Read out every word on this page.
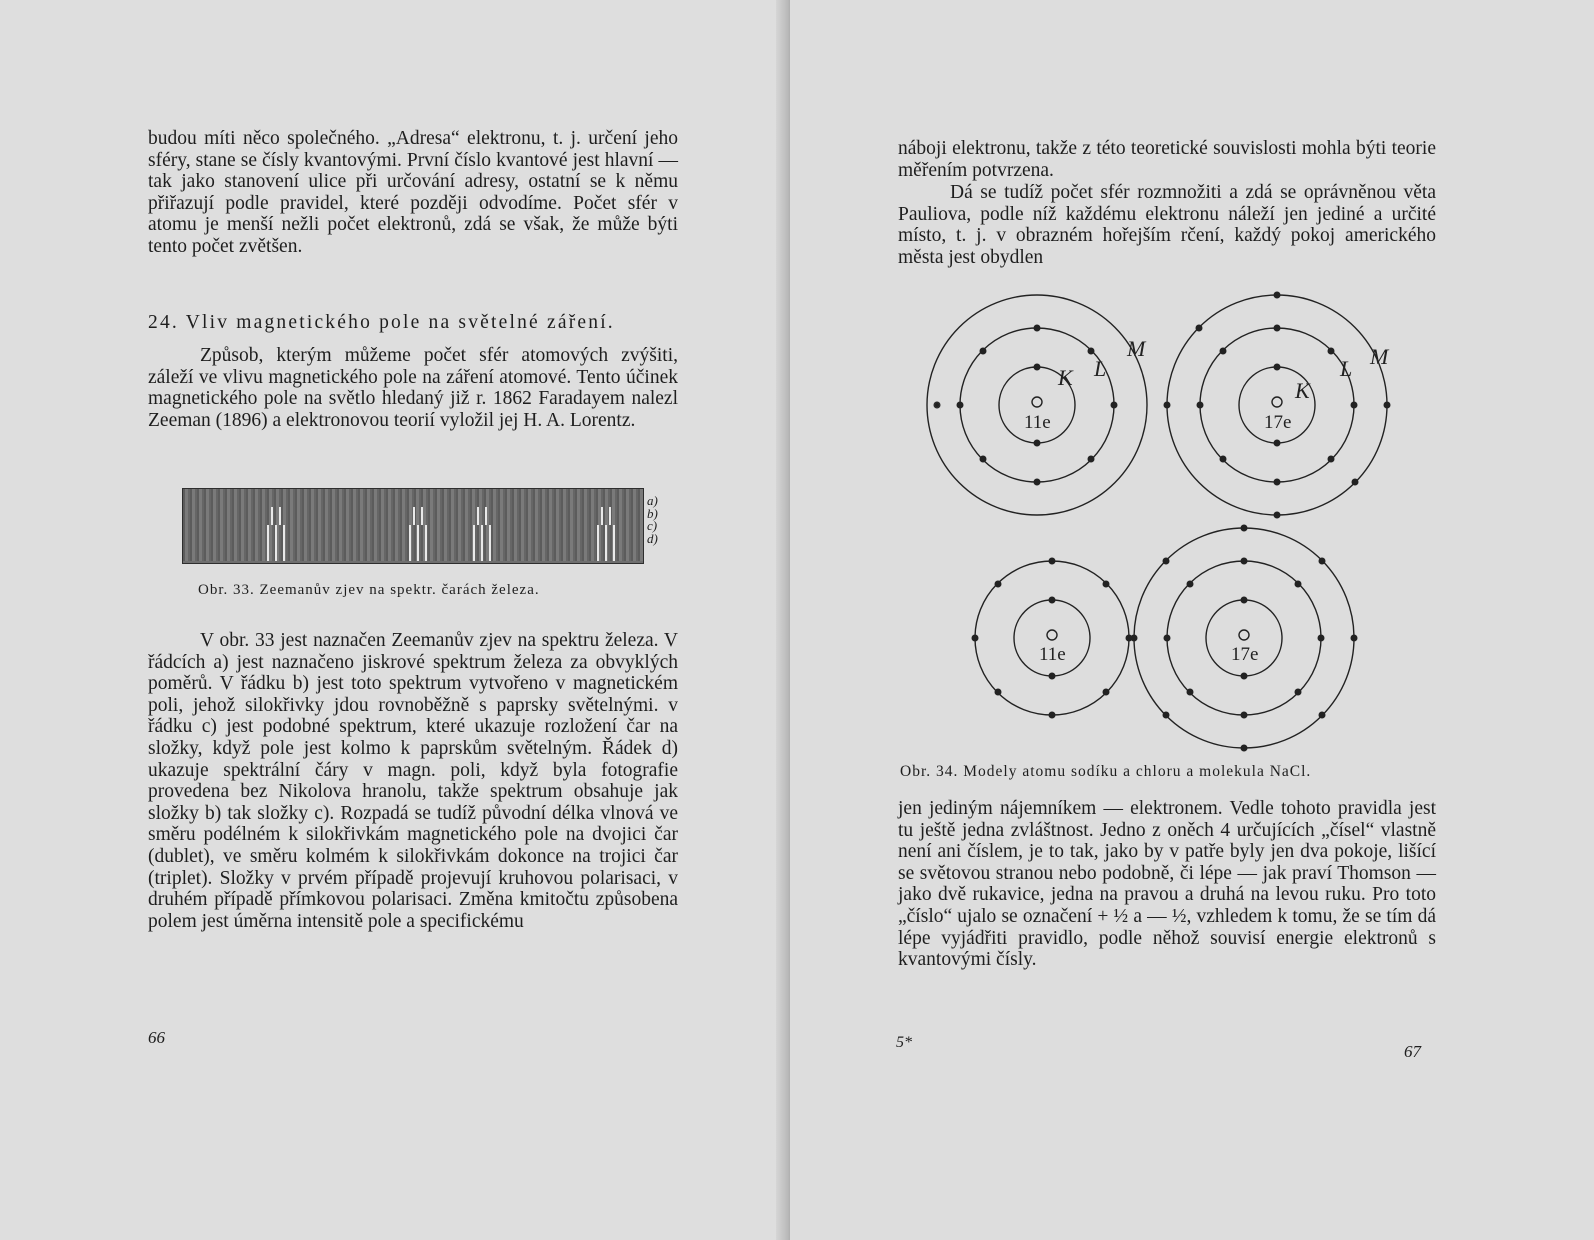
budou míti něco společného. „Adresa“ elektronu, t. j. určení jeho sféry, stane se čísly kvantovými. První číslo kvantové jest hlavní — tak jako stanovení ulice při určování adresy, ostatní se k němu přiřazují podle pravidel, které později odvodíme. Počet sfér v atomu je menší nežli počet elektronů, zdá se však, že může býti tento počet zvětšen.

24. Vliv magnetického pole na světelné záření.

Způsob, kterým můžeme počet sfér atomových zvýšiti, záleží ve vlivu magnetického pole na záření atomové. Tento účinek magnetického pole na světlo hledaný již r. 1862 Faradayem nalezl Zeeman (1896) a elektronovou teorií vyložil jej H. A. Lorentz.

a)
b)
c)
d)
Obr. 33. Zeemanův zjev na spektr. čarách železa.

V obr. 33 jest naznačen Zeemanův zjev na spektru železa. V řádcích a) jest naznačeno jiskrové spektrum železa za obvyklých poměrů. V řádku b) jest toto spektrum vytvořeno v magnetickém poli, jehož silokřivky jdou rovnoběžně s paprsky světelnými. v řádku c) jest podobné spektrum, které ukazuje rozložení čar na složky, když pole jest kolmo k paprskům světelným. Řádek d) ukazuje spektrální čáry v magn. poli, když byla fotografie provedena bez Nikolova hranolu, takže spektrum obsahuje jak složky b) tak složky c). Rozpadá se tudíž původní délka vlnová ve směru podélném k silokřivkám magnetického pole na dvojici čar (dublet), ve směru kolmém k silokřivkám dokonce na trojici čar (triplet). Složky v prvém případě projevují kruhovou polarisaci, v druhém případě přímkovou polarisaci. Změna kmitočtu způsobena polem jest úměrna intensitě pole a specifickému

66

náboji elektronu, takže z této teoretické souvislosti mohla býti teorie měřením potvrzena.

Dá se tudíž počet sfér rozmnožiti a zdá se oprávněnou věta Pauliova, podle níž každému elektronu náleží jen jediné a určité místo, t. j. v obrazném hořejším rčení, každý pokoj amerického města jest obydlen

11e	17e
11e	17e
K L
M
K
L M
Obr. 34. Modely atomu sodíku a chloru a molekula NaCl.

jen jediným nájemníkem — elektronem. Vedle tohoto pravidla jest tu ještě jedna zvláštnost. Jedno z oněch 4 určujících „čísel“ vlastně není ani číslem, je to tak, jako by v patře byly jen dva pokoje, lišící se světovou stranou nebo podobně, či lépe — jak praví Thomson — jako dvě rukavice, jedna na pravou a druhá na levou ruku. Pro toto „číslo“ ujalo se označení + ½ a — ½, vzhledem k tomu, že se tím dá lépe vyjádřiti pravidlo, podle něhož souvisí energie elektronů s kvantovými čísly.

5*	67
